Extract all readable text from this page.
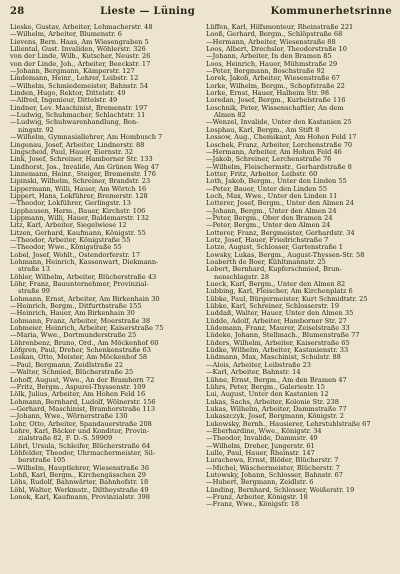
28	Lieste — Lüning	Kommunerhetsrinne
Lieske, Gustav, Arbeiter, Lehmacherstr. 48
—Wilhelm, Arbeiter, Blumenstr. 6
Lievens, Bern. Haas, Am Wiesengraben 5
Liliental, Gust. Invaliden, Wöhlerstr. 326
von der Linde, Wilh., Kutscher, Neustr. 26
von der Linde, Joh., Arbeiter, Beeckstr. 17
—Johann, Bergmann, Kämperstr. 127
Lindemann, Heinr., Lehrer, Leibstr. 12
—Wilhelm, Schmiedemeister, Bahnstr. 54
Linden, Hugo, Rektor, Dittelstr. 49
—Alfred, Ingenieur, Dittelstr. 49
Lindner, Lev. Maschinist, Bremenstr. 197
—Ludwig, Schuhmacher, Schlachtstr. 11
—Ludwig, Schuhwarenhandlung, Bon-
ningstr. 92
—Wilhelm, Gymnasiallehrer, Am Hombusch 7
Lingenau, Josef, Arbeiter, Lindnerstr. 88
Lingscheid, Paul, Hauer, Eiernstr. 32
Link, Josef, Schreiner, Hamborner Str. 133
Lindhorst, Jos., Invalide, Am Grünen Weg 47
Linnemann, Heinr., Steiger, Bremenstr. 176
Lipinski, Wilhelm, Schreiner, Brandstr. 23
Lippermann, Willi, Hauer, Am Wörtch 16
Lippert, Hans, Lokführer, Bremerstr. 128
—Theodor, Lokführer, Gerlingstr. 13
Lipphausen, Herm., Bauer, Kirchstr. 106
Lippmann, Willi, Hauer, Baldemarstr. 132
Litz, Karl, Arbeiter, Siegelwiese 12
Litzen, Gerhard, Kaufmann, Königstr. 55
—Theodor, Arbeiter, Königstraße 55
—Theodor, Wwe., Königstraße 55
Lobel, Josef, Wohlt., Ostendorferstr. 17
Lohmann, Heinrich, Kassenwart, Diekmann-
straße 13
Löhler, Wilhelm, Arbeiter, Blücherstraße 43
Löhr, Franz, Bauunternehmer, Provinzial-
straße 99
Lohmann, Ernst, Arbeiter, Am Birkenhain 30
—Heinrich, Bergm., Ditfurthstraße 155
—Heinrich, Hauer, Am Birkenhain 30
Lohmann, Franz, Arbeiter, Moerstraße 38
Lohmeier, Heinrich, Arbeiter, Kaiserstraße 75
—Maria, Wwe., Dortmunderstraße 25
Löhrenbenz, Bruno, Ord., Am Möckenhof 60
Löfgren, Paul, Dreher, Schenkenstraße 63
Loskan, Otto, Meister, Am Möckenhof 58
—Paul, Bergmann, Zeidlstraße 22
—Walter, Schmied, Blücherstraße 25
Lohoff, August, Wwe., An der Bramhorn 72
—Fritz, Bergm., Aspurel-Thyssenstr. 109
Lölk, Julius, Arbeiter, Am Hohen Feld 16
Lohmann, Bernhard, Ludolf, Wölnerstr. 156
—Gerhard, Maschinist, Bramhorstraße 113
—Johann, Wwe., Wörnerstraße 130
Lohr, Otto, Arbeiter, Spandauerstraße 208
Lohre, Karl, Bäcker und Konditor, Provin-
zialstraße 82, F. D.-S. 59909
Löhrl, Ursula, Schleifer, Blücherstraße 64
Löhfelder, Theodor, Uhrmachermeister, Sil-
berstraße 105
—Wilhelm, Hauptlehrer, Wiesenstraße 36
Lohß, Karl, Bergm., Kirchengässchen 29
Löhs, Rudolf, Bahnwärter, Bahnhofstr. 18
Löhl, Walter, Werkmstr., Diltheystraße 49
Lonek, Karl, Kaufmann, Provinzialstr. 398
Lüffen, Karl, Hilfsmonteur, Rheinstraße 221
Looß, Gerhard, Bergm., Schlöpstraße 68
—Hermann, Arbeiter, Wiesenstraße 88
Loos, Albert, Drechsler, Theodorstraße 10
—Johann, Arbeiter, In den Bramen 85
Loos, Heinrich, Hauer, Mühmstraße 29
—Peter, Bergmann, Boschstraße 92
Lorek, Jakob, Arbeiter, Wiesenstraße 67
Lorke, Wilhelm, Bergm., Schopfstraße 22
Lorke, Ernst, Hauer, Halheim Str. 98
Loredan, Josef, Bergm., Kurbelstraße 116
Loschnik, Peter, Wissenschaftler, An dem
Almen 82
—Wenzel, Invalide, Unter den Kastanien 25
Losphau, Karl, Bergm., Am Stift 8
Lossow, Aug., Chemikant, Am Hohen Feld 17
Loschek, Franz, Arbeiter, Lerchenstraße 70
—Hermann, Arbeiter, Am Hohen Feld 46
—Jakob, Schreiner, Lerchenstraße 76
—Wilhelm, Fleischermstr., Gerhardstraße 8
Lotter, Fritz, Arbeiter, Leibstr. 60
Loth, Jakob, Bergm., Unter den Linden 55
—Peter, Bauer, Unter den Linden 55
Loch, Max, Wwe., Unter den Linden 11
Lotterer, Josef, Bergm., Unter den Almen 24
—Johann, Bergm., Unter den Almen 24
—Peter, Bergm., Ober den Bramen 24
—Peter, Bergm., Unter den Almen 24
Lotterer, Franz, Bergmeister, Gerhardstr. 34
Lotz, Josef, Hauer, Friedrichstraße 7
Lotze, August, Schlosser, Gartenstraße 1
Lowsky, Lukas, Bergm., August-Thyssen-Str. 58
Loaberth de Boer, Kühltmannstr. 25
Lobert, Bernhard, Kupferschmied, Brun-
nenschlagstr. 28
Lueck, Karl, Bergm., Unter den Almen 82
Lubbing, Karl, Fleischer, Am Kirchenplatz 6
Lübke, Paul, Bürgermeister, Kurt Schmidtstr. 25
Lübke, Karl, Schreiner, Schlosserstr. 19
Luddaß, Walter, Hauer, Unter den Almen 35
Lüdde, Adolf, Arbeiter, Hamborner Str. 27
Lüdemann, Franz, Maurer, Zeiselstraße 33
Lüdeke, Johann, Stellmach., Blumenstraße 77
Lüders, Wilhelm, Arbeiter, Kaiserstraße 65
Lüdke, Wilhelm, Arbeiter, Kastanienstr. 33
Lüdmann, Max, Maschinist, Schulstr. 88
—Alois, Arbeiter, Leibstraße 23
—Karl, Arbeiter, Bahnstr. 14
Lühne, Ernst, Bergm., Am den Bramen 47
Lührs, Peter, Bergm., Galeriestr. 15
Lui, August, Unter den Kastanien 12
Lukas, Sachs, Arbeiter, Kolonie Str. 238
Lukas, Wilhelm, Arbeiter, Dammstraße 77
Lukaszczyk, Josef, Bergmann, Königstr. 2
Lukowsky, Bernh., Hausierer, Lehrstuhlstraße 67
—Eberhardine, Wwe., Königstr. 34
—Theodor, Invalide, Dammstr. 49
—Wilhelm, Dreher, Jungerstr. 61
Lulle, Paul, Hauer, Rheinstr. 147
Lurachewa, Ernst, Blöder, Blücherstr. 7
—Michel, Wäschermeister, Blücherstr. 7
Lutowsky, Johann, Schlosser, Bahnstr. 67
—Hubert, Bergmann, Zeidlstr. 6
Lünding, Bernhard, Schlosser, Weißerstr. 19
—Franz, Arbeiter, Königstr. 18
—Franz, Wwe., Königstr. 18
